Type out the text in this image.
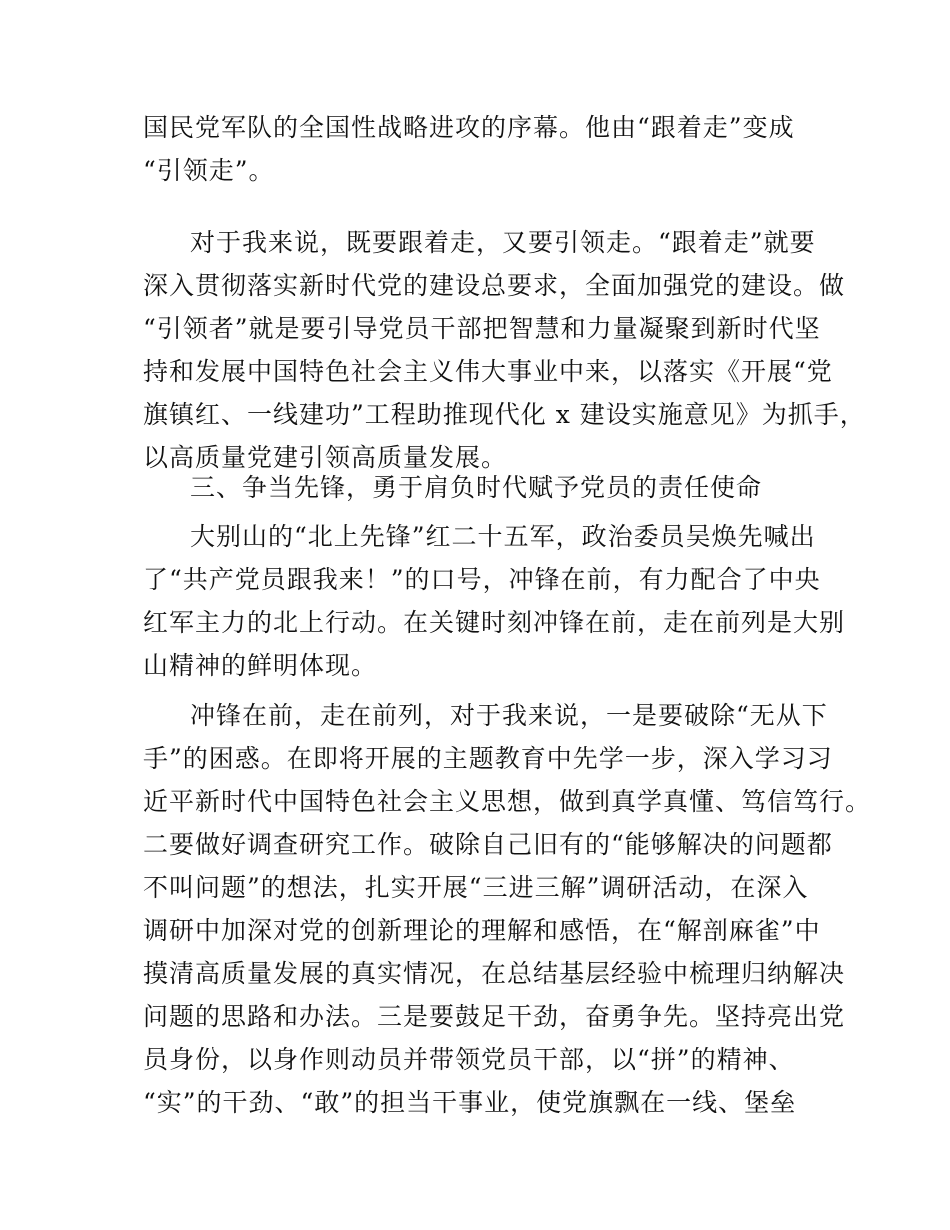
国民党军队的全国性战略进攻的序幕。他由“跟着走”变成
“引领走”。
对于我来说，既要跟着走，又要引领走。“跟着走”就要
深入贯彻落实新时代党的建设总要求，全面加强党的建设。做
“引领者”就是要引导党员干部把智慧和力量凝聚到新时代坚
持和发展中国特色社会主义伟大事业中来，以落实《开展“党
旗镇红、一线建功”工程助推现代化 x 建设实施意见》为抓手，
以高质量党建引领高质量发展。
三、争当先锋，勇于肩负时代赋予党员的责任使命
大别山的“北上先锋”红二十五军，政治委员吴焕先喊出
了“共产党员跟我来！”的口号，冲锋在前，有力配合了中央
红军主力的北上行动。在关键时刻冲锋在前，走在前列是大别
山精神的鲜明体现。
冲锋在前，走在前列，对于我来说，一是要破除“无从下
手”的困惑。在即将开展的主题教育中先学一步，深入学习习
近平新时代中国特色社会主义思想，做到真学真懂、笃信笃行。
二要做好调查研究工作。破除自己旧有的“能够解决的问题都
不叫问题”的想法，扎实开展“三进三解”调研活动，在深入
调研中加深对党的创新理论的理解和感悟，在“解剖麻雀”中
摸清高质量发展的真实情况，在总结基层经验中梳理归纳解决
问题的思路和办法。三是要鼓足干劲，奋勇争先。坚持亮出党
员身份，以身作则动员并带领党员干部，以“拼”的精神、
“实”的干劲、“敢”的担当干事业，使党旗飘在一线、堡垒
